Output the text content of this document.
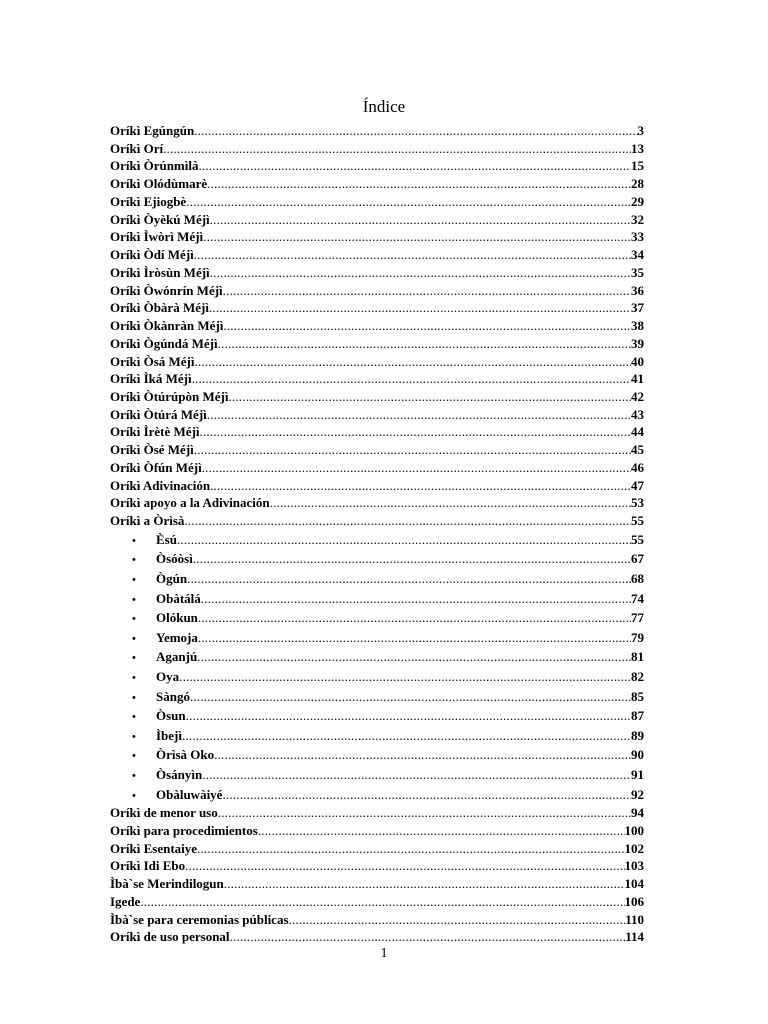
Índice
Oríkì Egúngún .....	3
Oríkì Orí .....	13
Oríkì Òrúnmìlà .....	15
Oríkì Olódùmarè .....	28
Oríkì Ejiogbè .....	29
Oríkì Òyèkú Méjì .....	32
Oríkì Ìwòrì Méjì .....	33
Oríkì Òdí Méjì .....	34
Oríkì Ìròsùn Méjì .....	35
Oríkì Òwónrín Méjì .....	36
Oríkì Òbàrà Méjì .....	37
Oríkì Òkànràn Méjì .....	38
Oríkì Ògúndá Méjì .....	39
Oríkì Òsá Méjì .....	40
Oríkì Ìká Méjì .....	41
Oríkì Òtúrúpòn Méjì .....	42
Oríkì Òtúrá Méjì .....	43
Oríkì Ìrètè Méjì .....	44
Oríkì Òsé Méjì .....	45
Oríkì Òfún Méjì .....	46
Oríkì Adivinación .....	47
Oríkì apoyo a la Adivinación .....	53
Oríkì a Òrìsà .....	55
•	Èsú .....	55
•	Òsóòsì .....	67
•	Ògún .....	68
•	Obàtálá .....	74
•	Olókun .....	77
•	Yemoja .....	79
•	Aganjú .....	81
•	Oya .....	82
•	Sàngó .....	85
•	Òsun .....	87
•	Ìbejì .....	89
•	Òrìsà Oko .....	90
•	Òsányìn .....	91
•	Obàluwàiyé .....	92
Oríkì de menor uso .....	94
Oríkì para procedimientos .....	100
Oríkì Esentaiye .....	102
Oríkì Idi Ebo .....	103
Ìbà`se Merindilogun .....	104
Igede .....	106
Ìbà`se para ceremonias públicas .....	110
Oríkì de uso personal .....	114
1
